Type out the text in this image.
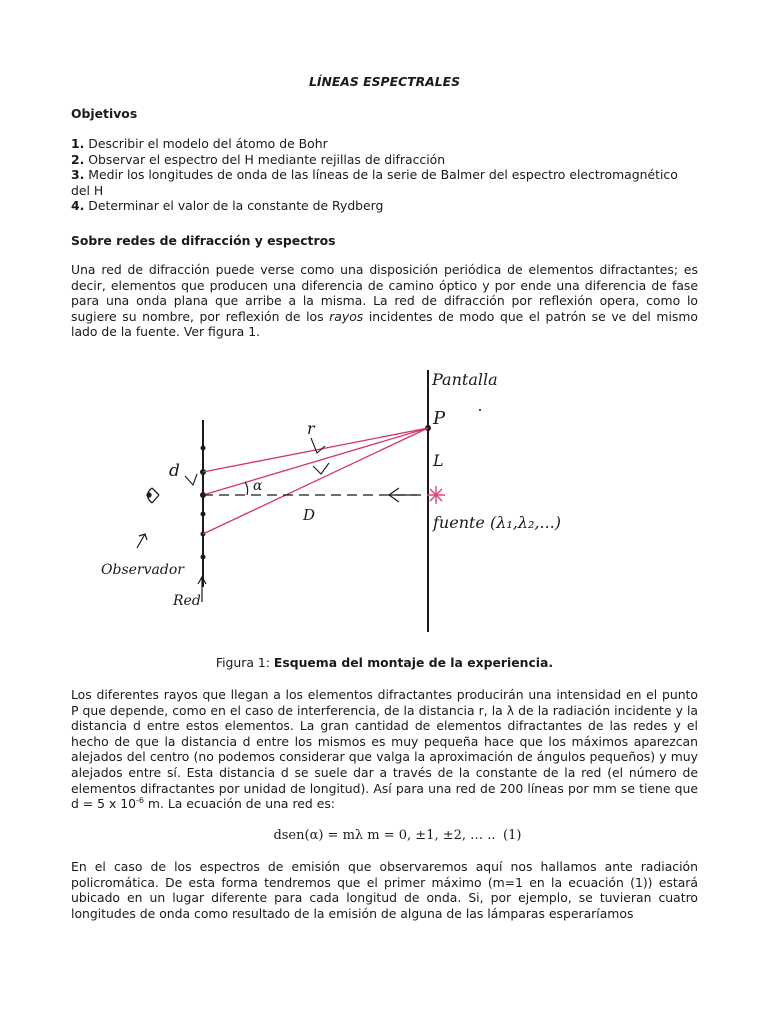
LÍNEAS ESPECTRALES
Objetivos
1. Describir el modelo del átomo de Bohr
2. Observar el espectro del H mediante rejillas de difracción
3. Medir los longitudes de onda de las líneas de la serie de Balmer del espectro electromagnético del H
4. Determinar el valor de la constante de Rydberg
Sobre redes de difracción y espectros
Una red de difracción puede verse como una disposición periódica de elementos difractantes; es decir, elementos que producen una diferencia de camino óptico y por ende una diferencia de fase para una onda plana que arribe a la misma. La red de difracción por reflexión opera, como lo sugiere su nombre, por reflexión de los rayos incidentes de modo que el patrón se ve del mismo lado de la fuente. Ver figura 1.
Pantalla
P
r
L
d
α
D	fuente (λ₁,λ₂,...)
Observador
Red
Figura 1: Esquema del montaje de la experiencia.
Los diferentes rayos que llegan a los elementos difractantes producirán una intensidad en el punto P que depende, como en el caso de interferencia, de la distancia r, la λ de la radiación incidente y la distancia d entre estos elementos. La gran cantidad de elementos difractantes de las redes y el hecho de que la distancia d entre los mismos es muy pequeña hace que los máximos aparezcan alejados del centro (no podemos considerar que valga la aproximación de ángulos pequeños) y muy alejados entre sí. Esta distancia d se suele dar a través de la constante de la red (el número de elementos difractantes por unidad de longitud). Así para una red de 200 líneas por mm se tiene que d = 5 x $10^{-6}$ m. La ecuación de una red es:
dsen(α) = mλ m = 0, ±1, ±2, … .. (1)
En el caso de los espectros de emisión que observaremos aquí nos hallamos ante radiación policromática. De esta forma tendremos que el primer máximo (m=1 en la ecuación (1)) estará ubicado en un lugar diferente para cada longitud de onda. Si, por ejemplo, se tuvieran cuatro longitudes de onda como resultado de la emisión de alguna de las lámparas esperaríamos
